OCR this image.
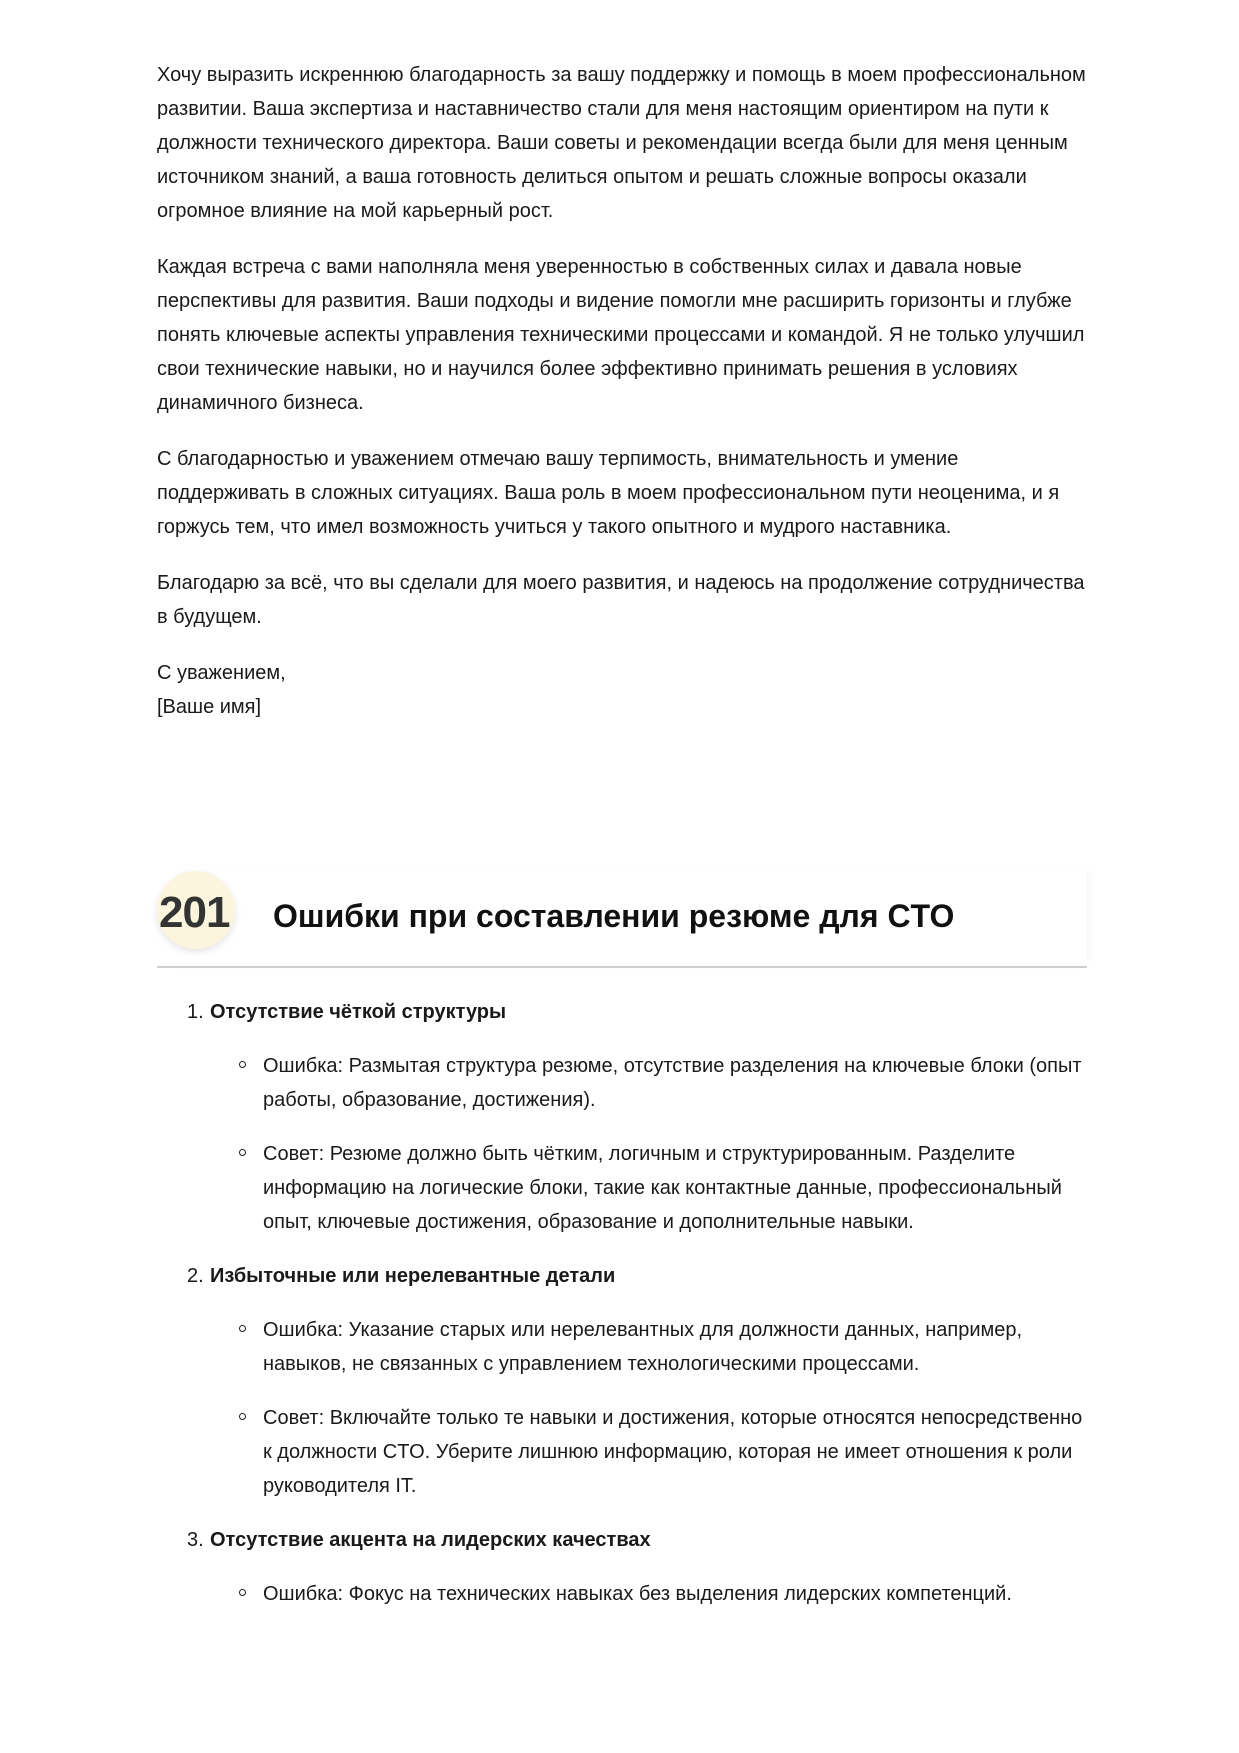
Хочу выразить искреннюю благодарность за вашу поддержку и помощь в моем профессиональном развитии. Ваша экспертиза и наставничество стали для меня настоящим ориентиром на пути к должности технического директора. Ваши советы и рекомендации всегда были для меня ценным источником знаний, а ваша готовность делиться опытом и решать сложные вопросы оказали огромное влияние на мой карьерный рост.

Каждая встреча с вами наполняла меня уверенностью в собственных силах и давала новые перспективы для развития. Ваши подходы и видение помогли мне расширить горизонты и глубже понять ключевые аспекты управления техническими процессами и командой. Я не только улучшил свои технические навыки, но и научился более эффективно принимать решения в условиях динамичного бизнеса.

С благодарностью и уважением отмечаю вашу терпимость, внимательность и умение поддерживать в сложных ситуациях. Ваша роль в моем профессиональном пути неоценима, и я горжусь тем, что имел возможность учиться у такого опытного и мудрого наставника.

Благодарю за всё, что вы сделали для моего развития, и надеюсь на продолжение сотрудничества в будущем.

С уважением,

[Ваше имя]

201 Ошибки при составлении резюме для CTO
1. Отсутствие чёткой структуры
Ошибка: Размытая структура резюме, отсутствие разделения на ключевые блоки (опыт работы, образование, достижения).
Совет: Резюме должно быть чётким, логичным и структурированным. Разделите информацию на логические блоки, такие как контактные данные, профессиональный опыт, ключевые достижения, образование и дополнительные навыки.
2. Избыточные или нерелевантные детали
Ошибка: Указание старых или нерелевантных для должности данных, например, навыков, не связанных с управлением технологическими процессами.
Совет: Включайте только те навыки и достижения, которые относятся непосредственно к должности CTO. Уберите лишнюю информацию, которая не имеет отношения к роли руководителя IT.
3. Отсутствие акцента на лидерских качествах
Ошибка: Фокус на технических навыках без выделения лидерских компетенций.
